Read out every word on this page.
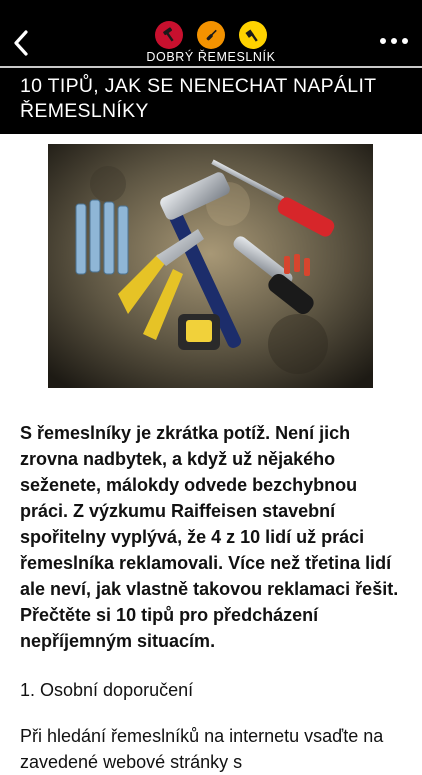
DOBRÝ ŘEMESLNÍK
10 TIPŮ, JAK SE NENECHAT NAPÁLIT ŘEMESLNÍKY

S řemeslníky je zkrátka potíž. Není jich zrovna nadbytek, a když už nějakého seženete, málokdy odvede bezchybnou práci. Z výzkumu Raiffeisen stavební spořitelny vyplývá, že 4 z 10 lidí už práci řemeslníka reklamovali. Více než třetina lidí ale neví, jak vlastně takovou reklamaci řešit. Přečtěte si 10 tipů pro předcházení nepříjemným situacím.

1. Osobní doporučení

Při hledání řemeslníků na internetu vsaďte na zavedené webové stránky s
